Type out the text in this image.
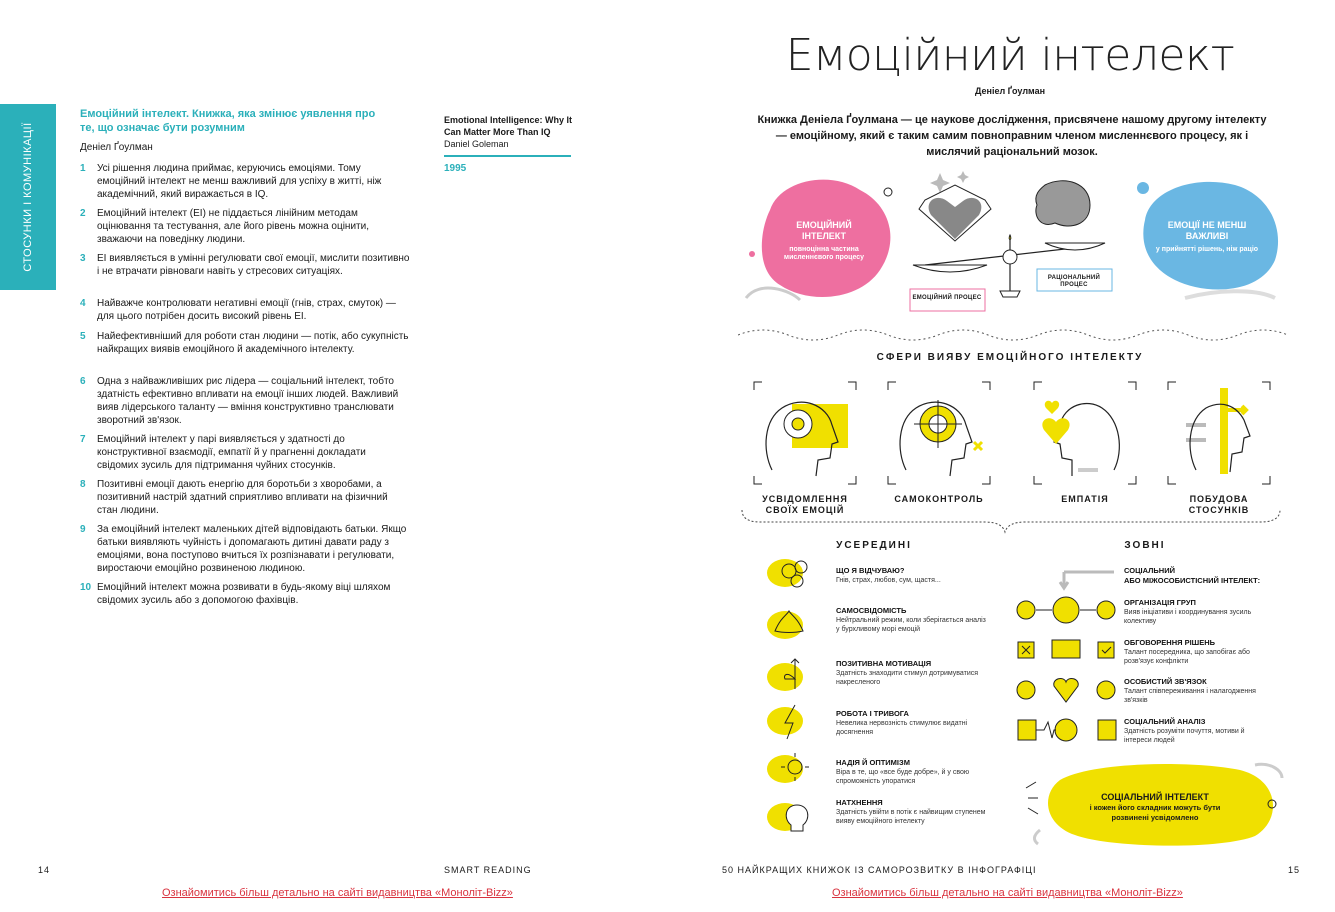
СТОСУНКИ І КОМУНІКАЦІЇ
Емоційний інтелект. Книжка, яка змінює уявлення про те, що означає бути розумним
Деніел Ґоулман
1 Усі рішення людина приймає, керуючись емоціями. Тому емоційний інтелект не менш важливий для успіху в житті, ніж академічний, який виражається в IQ.
2 Емоційний інтелект (EI) не піддається лінійним методам оцінювання та тестування, але його рівень можна оцінити, зважаючи на поведінку людини.
3 EI виявляється в умінні регулювати свої емоції, мислити позитивно і не втрачати рівноваги навіть у стресових ситуаціях.
4 Найважче контролювати негативні емоції (гнів, страх, смуток) — для цього потрібен досить високий рівень EI.
5 Найефективніший для роботи стан людини — потік, або сукупність найкращих виявів емоційного й академічного інтелекту.
6 Одна з найважливіших рис лідера — соціальний інтелект, тобто здатність ефективно впливати на емоції інших людей. Важливий вияв лідерського таланту — вміння конструктивно транслювати зворотний зв'язок.
7 Емоційний інтелект у парі виявляється у здатності до конструктивної взаємодії, емпатії й у прагненні докладати свідомих зусиль для підтримання чуйних стосунків.
8 Позитивні емоції дають енергію для боротьби з хворобами, а позитивний настрій здатний сприятливо впливати на фізичний стан людини.
9 За емоційний інтелект маленьких дітей відповідають батьки. Якщо батьки виявляють чуйність і допомагають дитині давати раду з емоціями, вона поступово вчиться їх розпізнавати і регулювати, виростаючи емоційно розвиненою людиною.
10 Емоційний інтелект можна розвивати в будь-якому віці шляхом свідомих зусиль або з допомогою фахівців.
Emotional Intelligence: Why It Can Matter More Than IQ
Daniel Goleman
1995
14	SMART READING
Ознайомитись більш детально на сайті видавництва «Моноліт-Bizz»
Емоційний інтелект
Деніел Ґоулман
Книжка Деніела Ґоулмана — це наукове дослідження, присвячене нашому другому інтелекту — емоційному, який є таким самим повноправним членом мисленнєвого процесу, як і мислячий раціональний мозок.
ЕМОЦІЙНИЙ ІНТЕЛЕКТ
повноцінна частина мисленнєвого процесу
ЕМОЦІЇ НЕ МЕНШ ВАЖЛИВІ
у прийнятті рішень, ніж раціо
ЕМОЦІЙНИЙ ПРОЦЕС
РАЦІОНАЛЬНИЙ ПРОЦЕС
СФЕРИ ВИЯВУ ЕМОЦІЙНОГО ІНТЕЛЕКТУ
УСВІДОМЛЕННЯ СВОЇХ ЕМОЦІЙ
САМОКОНТРОЛЬ	ЕМПАТІЯ	ПОБУДОВА СТОСУНКІВ
УСЕРЕДИНІ	ЗОВНІ
ЩО Я ВІДЧУВАЮ?
Гнів, страх, любов, сум, щастя...
САМОСВІДОМІСТЬ
Нейтральний режим, коли зберігається аналіз у бурхливому морі емоцій
ПОЗИТИВНА МОТИВАЦІЯ
Здатність знаходити стимул дотримуватися накресленого
РОБОТА І ТРИВОГА
Невелика нервозність стимулює видатні досягнення
НАДІЯ Й ОПТИМІЗМ
Віра в те, що «все буде добре», й у свою спроможність упоратися
НАТХНЕННЯ
Здатність увійти в потік є найвищим ступенем вияву емоційного інтелекту
СОЦІАЛЬНИЙ
АБО МІЖОСОБИСТІСНИЙ ІНТЕЛЕКТ:
ОРГАНІЗАЦІЯ ГРУП
Вияв ініціативи і координування зусиль колективу
ОБГОВОРЕННЯ РІШЕНЬ
Талант посередника, що запобігає або розв'язує конфлікти
ОСОБИСТИЙ ЗВ'ЯЗОК
Талант співпереживання і налагодження зв'язків
СОЦІАЛЬНИЙ АНАЛІЗ
Здатність розуміти почуття, мотиви й інтереси людей
СОЦІАЛЬНИЙ ІНТЕЛЕКТ
і кожен його складник можуть бути розвинені усвідомлено
50 НАЙКРАЩИХ КНИЖОК ІЗ САМОРОЗВИТКУ В ІНФОГРАФІЦІ	15
Ознайомитись більш детально на сайті видавництва «Моноліт-Bizz»
